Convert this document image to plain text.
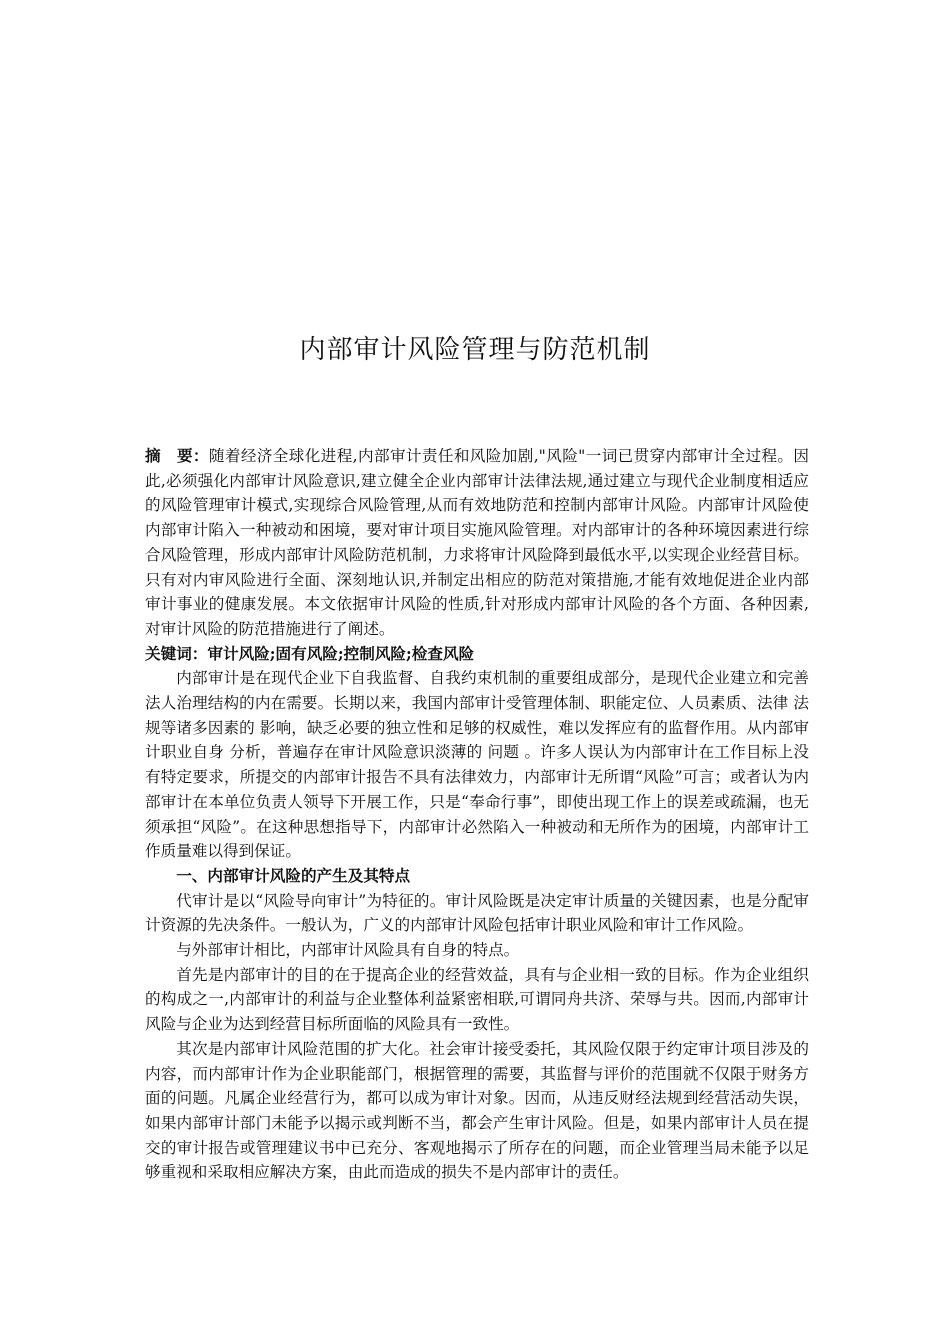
内部审计风险管理与防范机制

摘　要：随着经济全球化进程,内部审计责任和风险加剧,"风险"一词已贯穿内部审计全过程。因此,必须强化内部审计风险意识,建立健全企业内部审计法律法规,通过建立与现代企业制度相适应的风险管理审计模式,实现综合风险管理,从而有效地防范和控制内部审计风险。内部审计风险使内部审计陷入一种被动和困境，要对审计项目实施风险管理。对内部审计的各种环境因素进行综合风险管理，形成内部审计风险防范机制，力求将审计风险降到最低水平,以实现企业经营目标。只有对内审风险进行全面、深刻地认识,并制定出相应的防范对策措施,才能有效地促进企业内部审计事业的健康发展。本文依据审计风险的性质,针对形成内部审计风险的各个方面、各种因素,对审计风险的防范措施进行了阐述。

关键词：审计风险;固有风险;控制风险;检查风险

内部审计是在现代企业下自我监督、自我约束机制的重要组成部分，是现代企业建立和完善法人治理结构的内在需要。长期以来，我国内部审计受管理体制、职能定位、人员素质、法律 法规等诸多因素的 影响，缺乏必要的独立性和足够的权威性，难以发挥应有的监督作用。从内部审计职业自身 分析，普遍存在审计风险意识淡薄的 问题 。许多人误认为内部审计在工作目标上没有特定要求，所提交的内部审计报告不具有法律效力，内部审计无所谓“风险”可言；或者认为内部审计在本单位负责人领导下开展工作，只是“奉命行事”，即使出现工作上的误差或疏漏，也无须承担“风险”。在这种思想指导下，内部审计必然陷入一种被动和无所作为的困境，内部审计工作质量难以得到保证。

一、内部审计风险的产生及其特点

代审计是以“风险导向审计”为特征的。审计风险既是决定审计质量的关键因素，也是分配审计资源的先决条件。一般认为，广义的内部审计风险包括审计职业风险和审计工作风险。

与外部审计相比，内部审计风险具有自身的特点。

首先是内部审计的目的在于提高企业的经营效益，具有与企业相一致的目标。作为企业组织的构成之一,内部审计的利益与企业整体利益紧密相联,可谓同舟共济、荣辱与共。因而,内部审计风险与企业为达到经营目标所面临的风险具有一致性。

其次是内部审计风险范围的扩大化。社会审计接受委托，其风险仅限于约定审计项目涉及的 内容，而内部审计作为企业职能部门，根据管理的需要，其监督与评价的范围就不仅限于财务方面的问题。凡属企业经营行为，都可以成为审计对象。因而，从违反财经法规到经营活动失误，如果内部审计部门未能予以揭示或判断不当，都会产生审计风险。但是，如果内部审计人员在提交的审计报告或管理建议书中已充分、客观地揭示了所存在的问题，而企业管理当局未能予以足够重视和采取相应解决方案，由此而造成的损失不是内部审计的责任。
